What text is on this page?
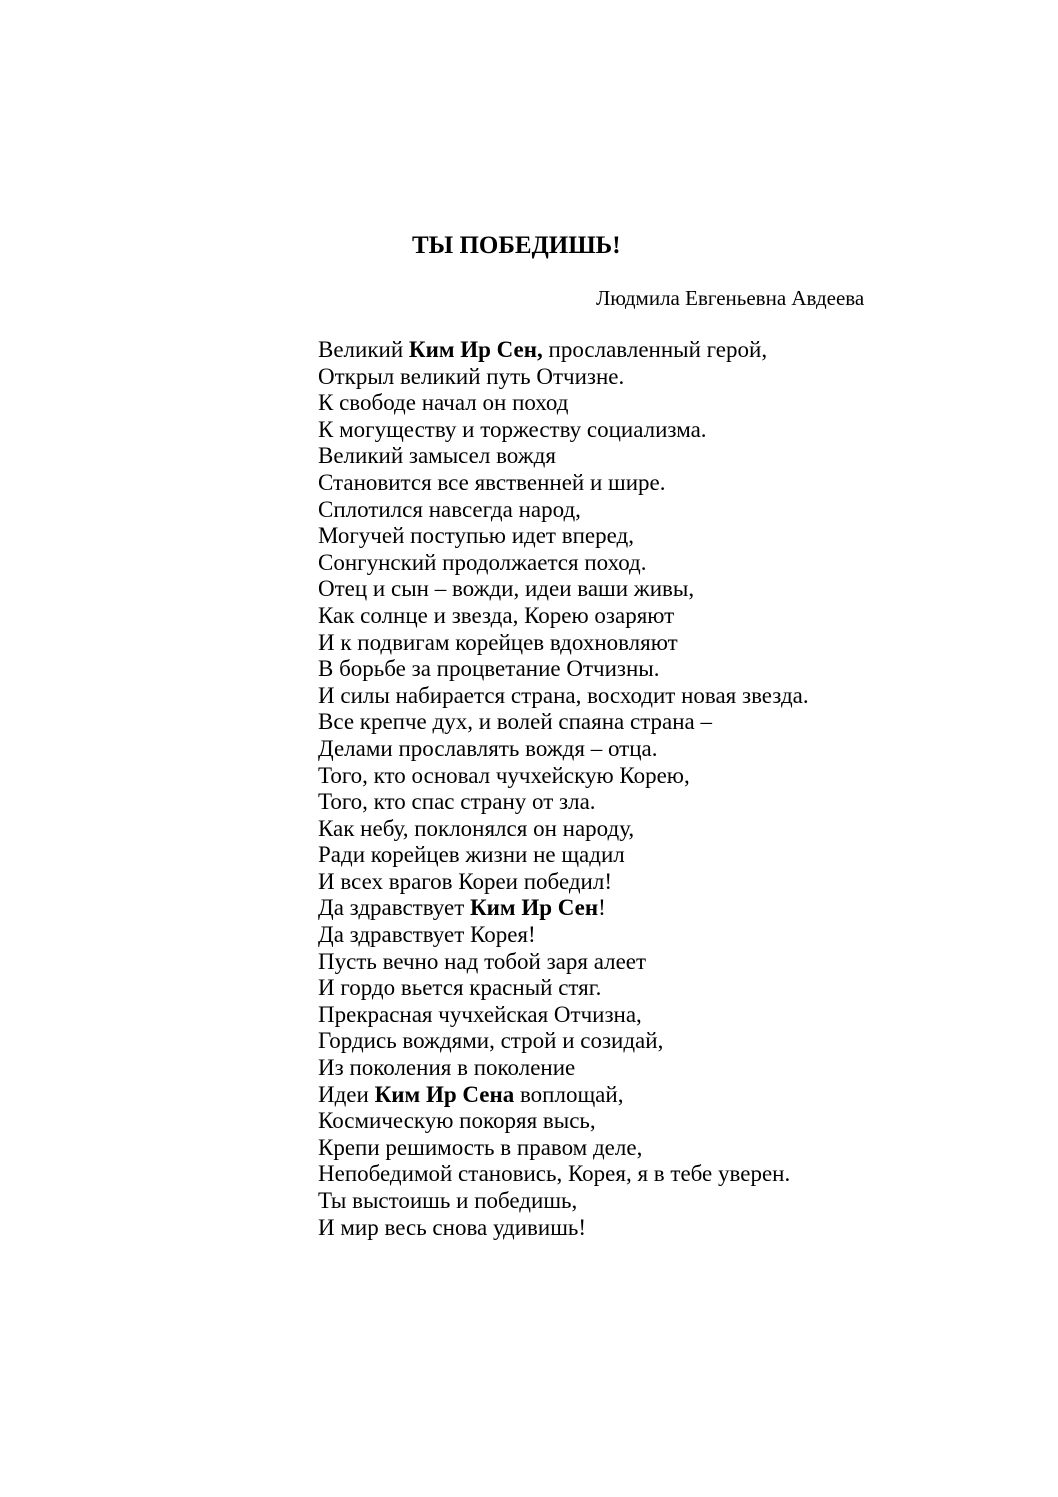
ТЫ ПОБЕДИШЬ!

Людмила Евгеньевна Авдеева

Великий Ким Ир Сен, прославленный герой,
Открыл великий путь Отчизне.
К свободе начал он поход
К могуществу и торжеству социализма.
Великий замысел вождя
Становится все явственней и шире.
Сплотился навсегда народ,
Могучей поступью идет вперед,
Сонгунский продолжается поход.
Отец и сын – вожди, идеи ваши живы,
Как солнце и звезда, Корею озаряют
И к подвигам корейцев вдохновляют
В борьбе за процветание Отчизны.
И силы набирается страна, восходит новая звезда.
Все крепче дух, и волей спаяна страна –
Делами прославлять вождя – отца.
Того, кто основал чучхейскую Корею,
Того, кто спас страну от зла.
Как небу, поклонялся он народу,
Ради корейцев жизни не щадил
И всех врагов Кореи победил!
Да здравствует Ким Ир Сен!
Да здравствует Корея!
Пусть вечно над тобой заря алеет
И гордо вьется красный стяг.
Прекрасная чучхейская Отчизна,
Гордись вождями, строй и созидай,
Из поколения в поколение
Идеи Ким Ир Сена воплощай,
Космическую покоряя высь,
Крепи решимость в правом деле,
Непобедимой становись, Корея, я в тебе уверен.
Ты выстоишь и победишь,
И мир весь снова удивишь!
